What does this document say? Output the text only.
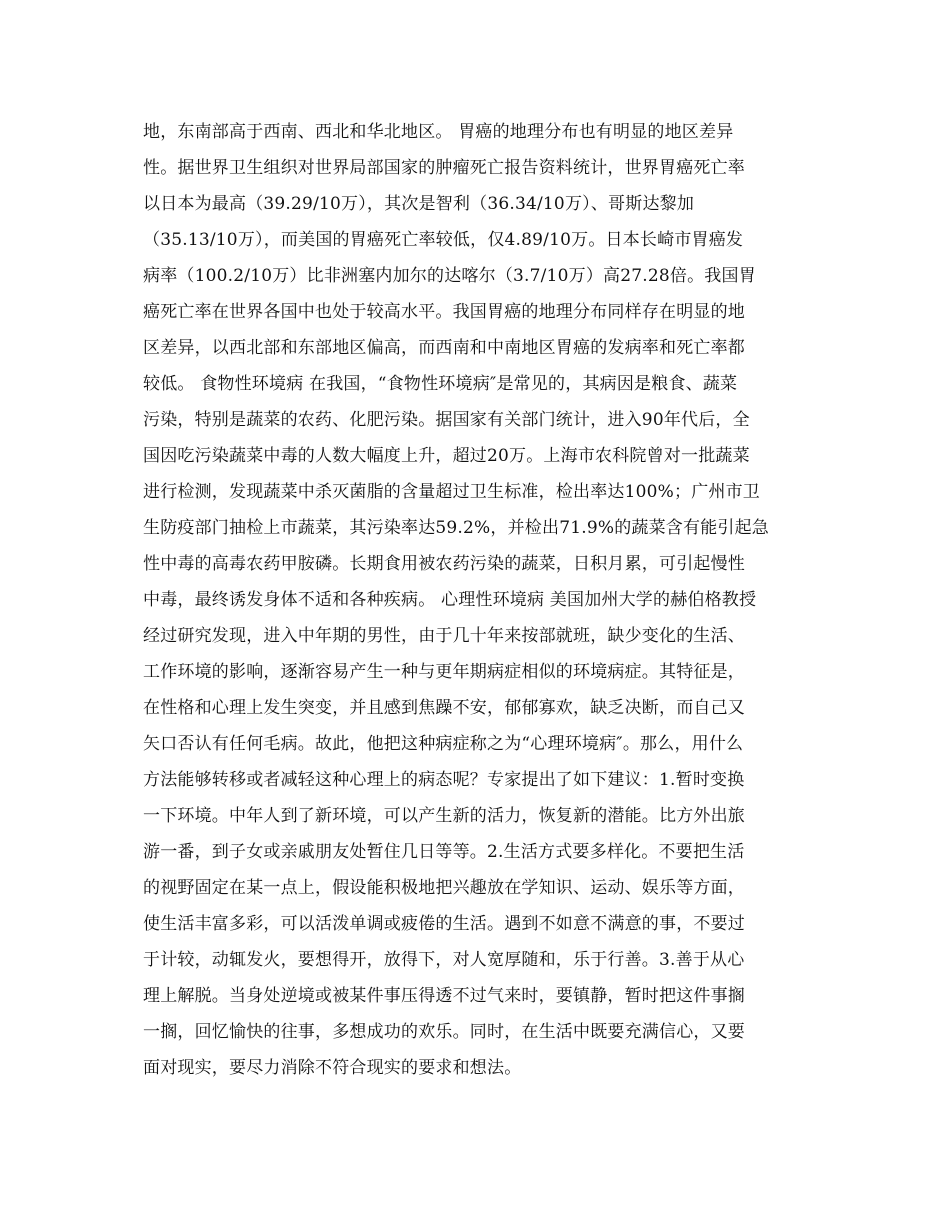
地，东南部高于西南、西北和华北地区。 胃癌的地理分布也有明显的地区差异
性。据世界卫生组织对世界局部国家的肿瘤死亡报告资料统计，世界胃癌死亡率
以日本为最高（39.29/10万），其次是智利（36.34/10万）、哥斯达黎加
（35.13/10万），而美国的胃癌死亡率较低，仅4.89/10万。日本长崎市胃癌发
病率（100.2/10万）比非洲塞内加尔的达喀尔（3.7/10万）高27.28倍。我国胃
癌死亡率在世界各国中也处于较高水平。我国胃癌的地理分布同样存在明显的地
区差异，以西北部和东部地区偏高，而西南和中南地区胃癌的发病率和死亡率都
较低。 食物性环境病 在我国，“食物性环境病″是常见的，其病因是粮食、蔬菜
污染，特别是蔬菜的农药、化肥污染。据国家有关部门统计，进入90年代后，全
国因吃污染蔬菜中毒的人数大幅度上升，超过20万。上海市农科院曾对一批蔬菜
进行检测，发现蔬菜中杀灭菌脂的含量超过卫生标准，检出率达100%；广州市卫
生防疫部门抽检上市蔬菜，其污染率达59.2%，并检出71.9%的蔬菜含有能引起急
性中毒的高毒农药甲胺磷。长期食用被农药污染的蔬菜，日积月累，可引起慢性
中毒，最终诱发身体不适和各种疾病。 心理性环境病 美国加州大学的赫伯格教授
经过研究发现，进入中年期的男性，由于几十年来按部就班，缺少变化的生活、
工作环境的影响，逐渐容易产生一种与更年期病症相似的环境病症。其特征是，
在性格和心理上发生突变，并且感到焦躁不安，郁郁寡欢，缺乏决断，而自己又
矢口否认有任何毛病。故此，他把这种病症称之为“心理环境病″。那么，用什么
方法能够转移或者减轻这种心理上的病态呢？专家提出了如下建议：1.暂时变换
一下环境。中年人到了新环境，可以产生新的活力，恢复新的潜能。比方外出旅
游一番，到子女或亲戚朋友处暂住几日等等。2.生活方式要多样化。不要把生活
的视野固定在某一点上，假设能积极地把兴趣放在学知识、运动、娱乐等方面，
使生活丰富多彩，可以活泼单调或疲倦的生活。遇到不如意不满意的事，不要过
于计较，动辄发火，要想得开，放得下，对人宽厚随和，乐于行善。3.善于从心
理上解脱。当身处逆境或被某件事压得透不过气来时，要镇静，暂时把这件事搁
一搁，回忆愉快的往事，多想成功的欢乐。同时，在生活中既要充满信心，又要
面对现实，要尽力消除不符合现实的要求和想法。
